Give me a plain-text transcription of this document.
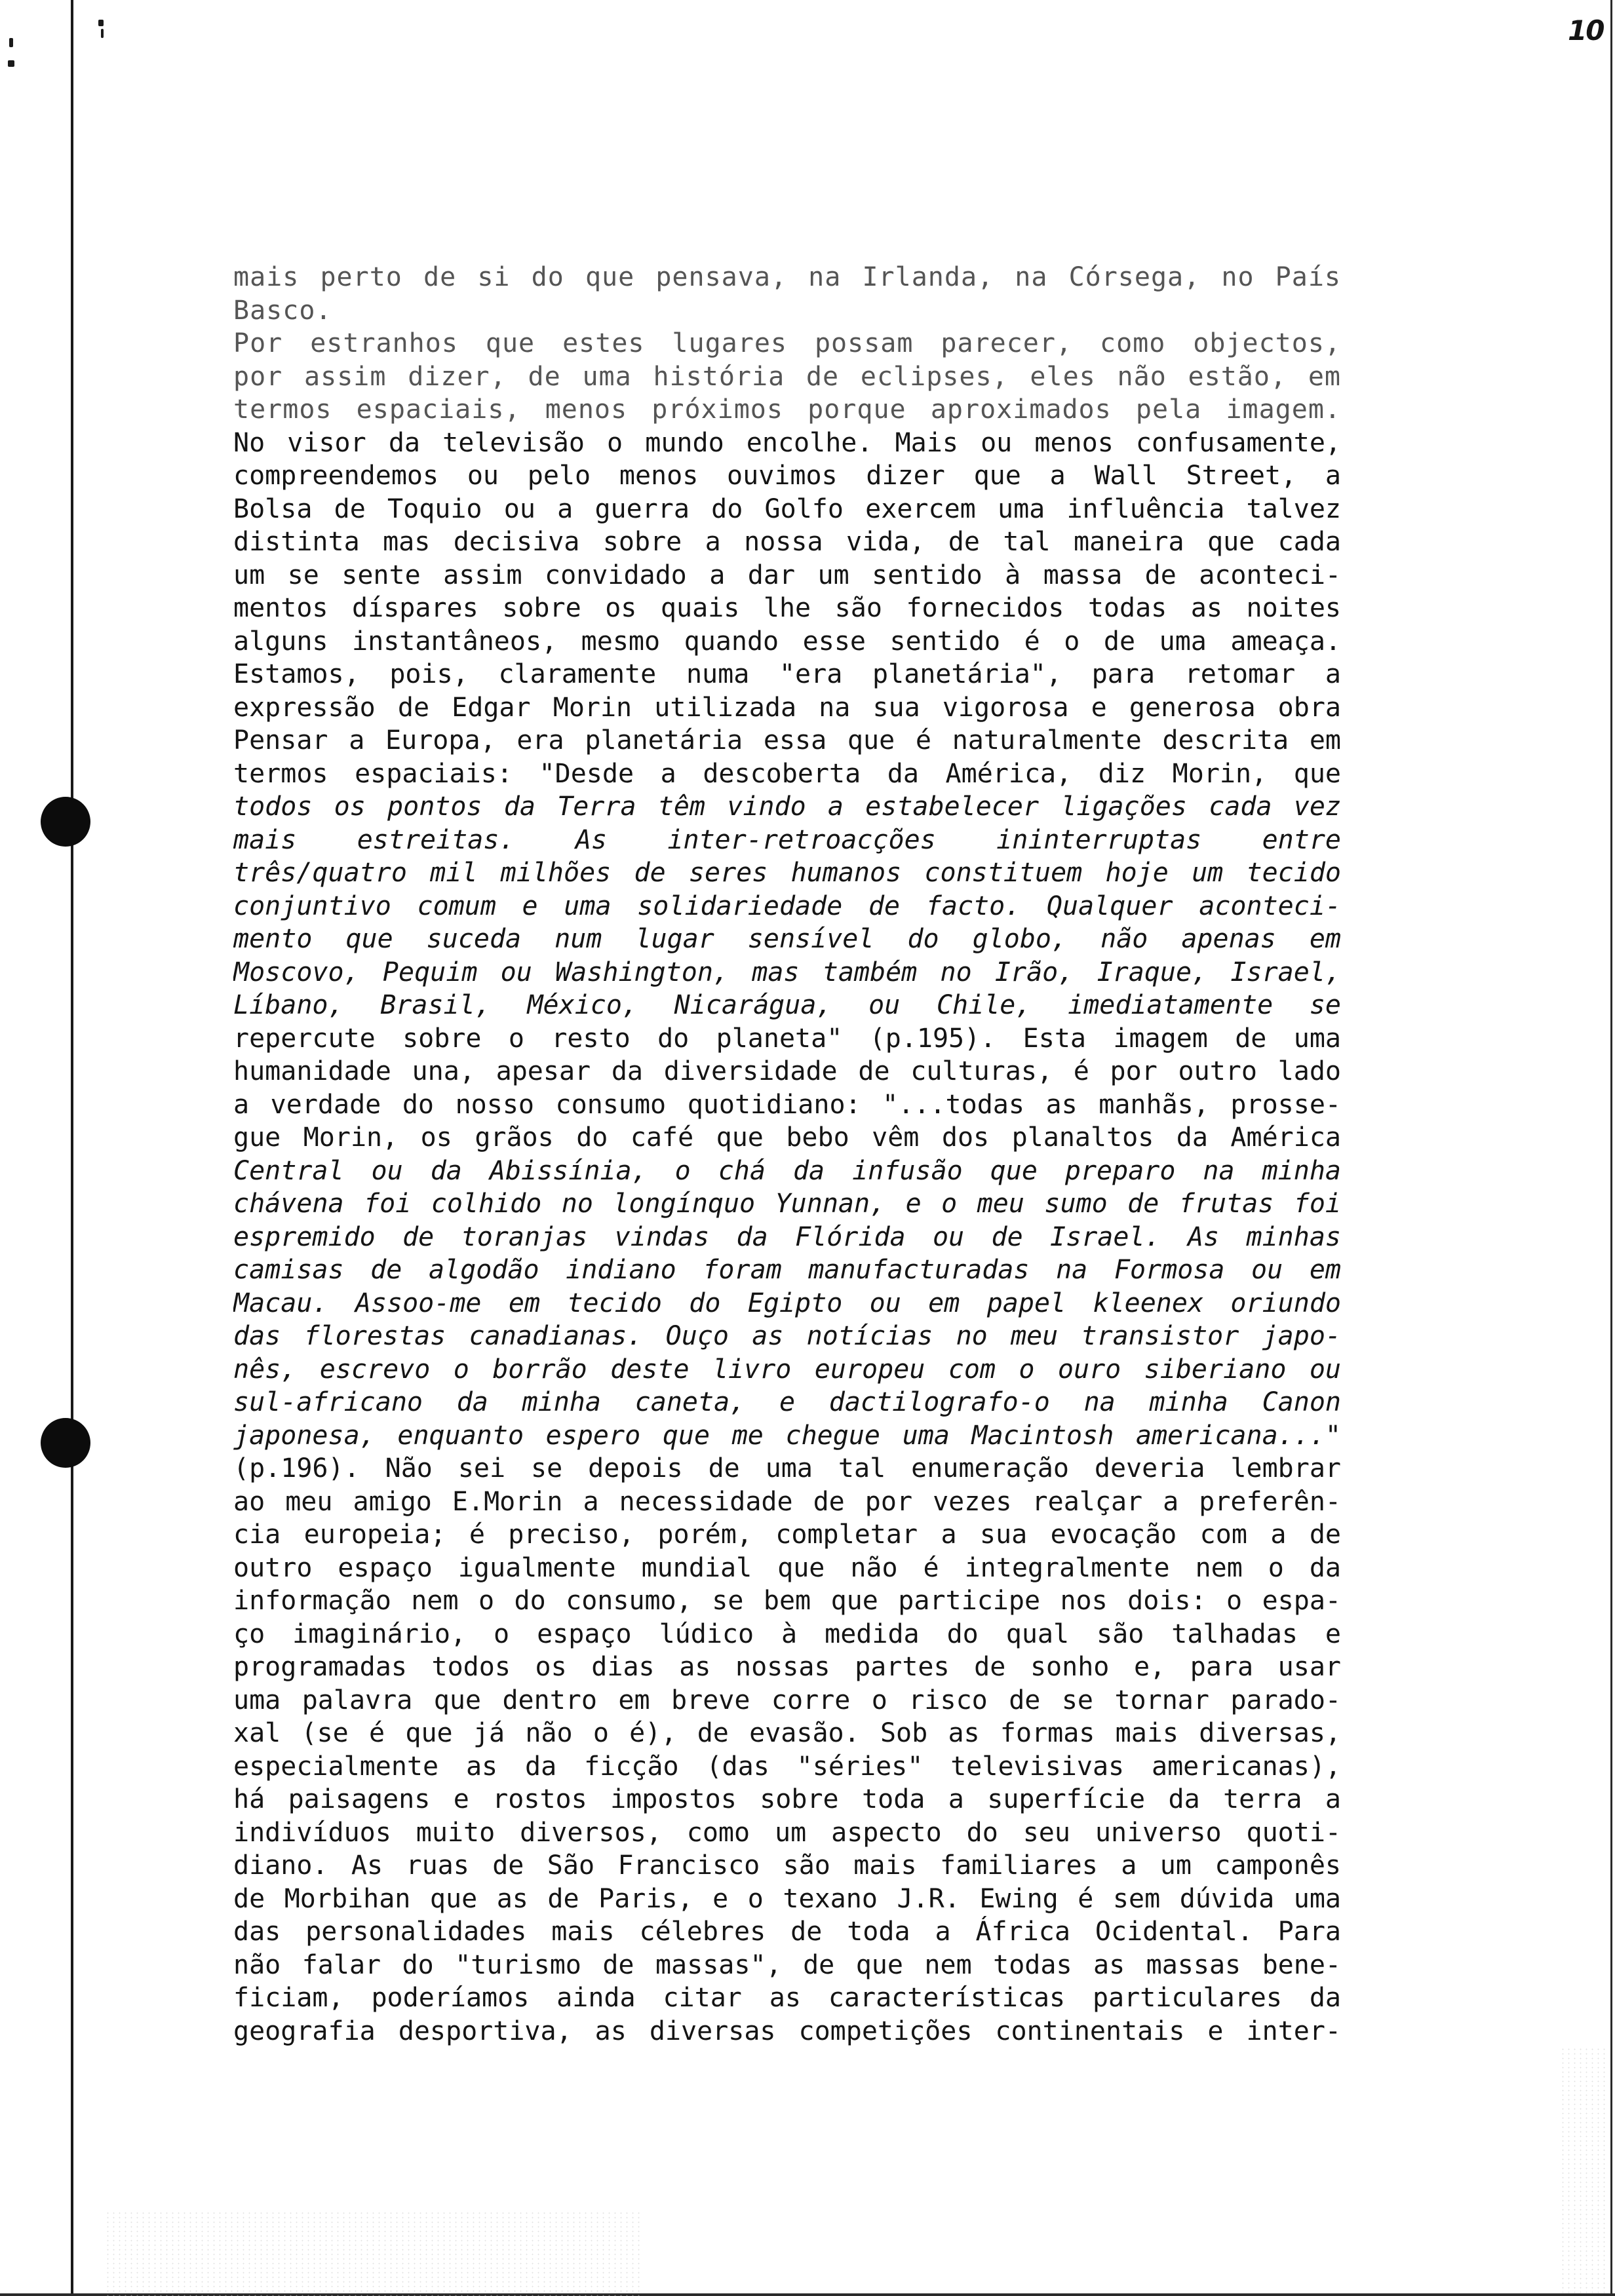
10
mais perto de si do que pensava, na Irlanda, na Córsega, no País
Basco.
Por estranhos que estes lugares possam parecer, como objectos,
por assim dizer, de uma história de eclipses, eles não estão, em
termos espaciais, menos próximos porque aproximados pela imagem.
No visor da televisão o mundo encolhe. Mais ou menos confusamente,
compreendemos ou pelo menos ouvimos dizer que a Wall Street, a
Bolsa de Toquio ou a guerra do Golfo exercem uma influência talvez
distinta mas decisiva sobre a nossa vida, de tal maneira que cada
um se sente assim convidado a dar um sentido à massa de aconteci-
mentos díspares sobre os quais lhe são fornecidos todas as noites
alguns instantâneos, mesmo quando esse sentido é o de uma ameaça.
Estamos, pois, claramente numa "era planetária", para retomar a
expressão de Edgar Morin utilizada na sua vigorosa e generosa obra
Pensar a Europa, era planetária essa que é naturalmente descrita em
termos espaciais: "Desde a descoberta da América, diz Morin, que
todos os pontos da Terra têm vindo a estabelecer ligações cada vez
mais estreitas. As inter-retroacções ininterruptas entre
três/quatro mil milhões de seres humanos constituem hoje um tecido
conjuntivo comum e uma solidariedade de facto. Qualquer aconteci-
mento que suceda num lugar sensível do globo, não apenas em
Moscovo, Pequim ou Washington, mas também no Irão, Iraque, Israel,
Líbano, Brasil, México, Nicarágua, ou Chile, imediatamente se
repercute sobre o resto do planeta" (p.195). Esta imagem de uma
humanidade una, apesar da diversidade de culturas, é por outro lado
a verdade do nosso consumo quotidiano: "...todas as manhãs, prosse-
gue Morin, os grãos do café que bebo vêm dos planaltos da América
Central ou da Abissínia, o chá da infusão que preparo na minha
chávena foi colhido no longínquo Yunnan, e o meu sumo de frutas foi
espremido de toranjas vindas da Flórida ou de Israel. As minhas
camisas de algodão indiano foram manufacturadas na Formosa ou em
Macau. Assoo-me em tecido do Egipto ou em papel kleenex oriundo
das florestas canadianas. Ouço as notícias no meu transistor japo-
nês, escrevo o borrão deste livro europeu com o ouro siberiano ou
sul-africano da minha caneta, e dactilografo-o na minha Canon
japonesa, enquanto espero que me chegue uma Macintosh americana..."
(p.196). Não sei se depois de uma tal enumeração deveria lembrar
ao meu amigo E.Morin a necessidade de por vezes realçar a preferên-
cia europeia; é preciso, porém, completar a sua evocação com a de
outro espaço igualmente mundial que não é integralmente nem o da
informação nem o do consumo, se bem que participe nos dois: o espa-
ço imaginário, o espaço lúdico à medida do qual são talhadas e
programadas todos os dias as nossas partes de sonho e, para usar
uma palavra que dentro em breve corre o risco de se tornar parado-
xal (se é que já não o é), de evasão. Sob as formas mais diversas,
especialmente as da ficção (das "séries" televisivas americanas),
há paisagens e rostos impostos sobre toda a superfície da terra a
indivíduos muito diversos, como um aspecto do seu universo quoti-
diano. As ruas de São Francisco são mais familiares a um camponês
de Morbihan que as de Paris, e o texano J.R. Ewing é sem dúvida uma
das personalidades mais célebres de toda a África Ocidental. Para
não falar do "turismo de massas", de que nem todas as massas bene-
ficiam, poderíamos ainda citar as características particulares da
geografia desportiva, as diversas competições continentais e inter-
